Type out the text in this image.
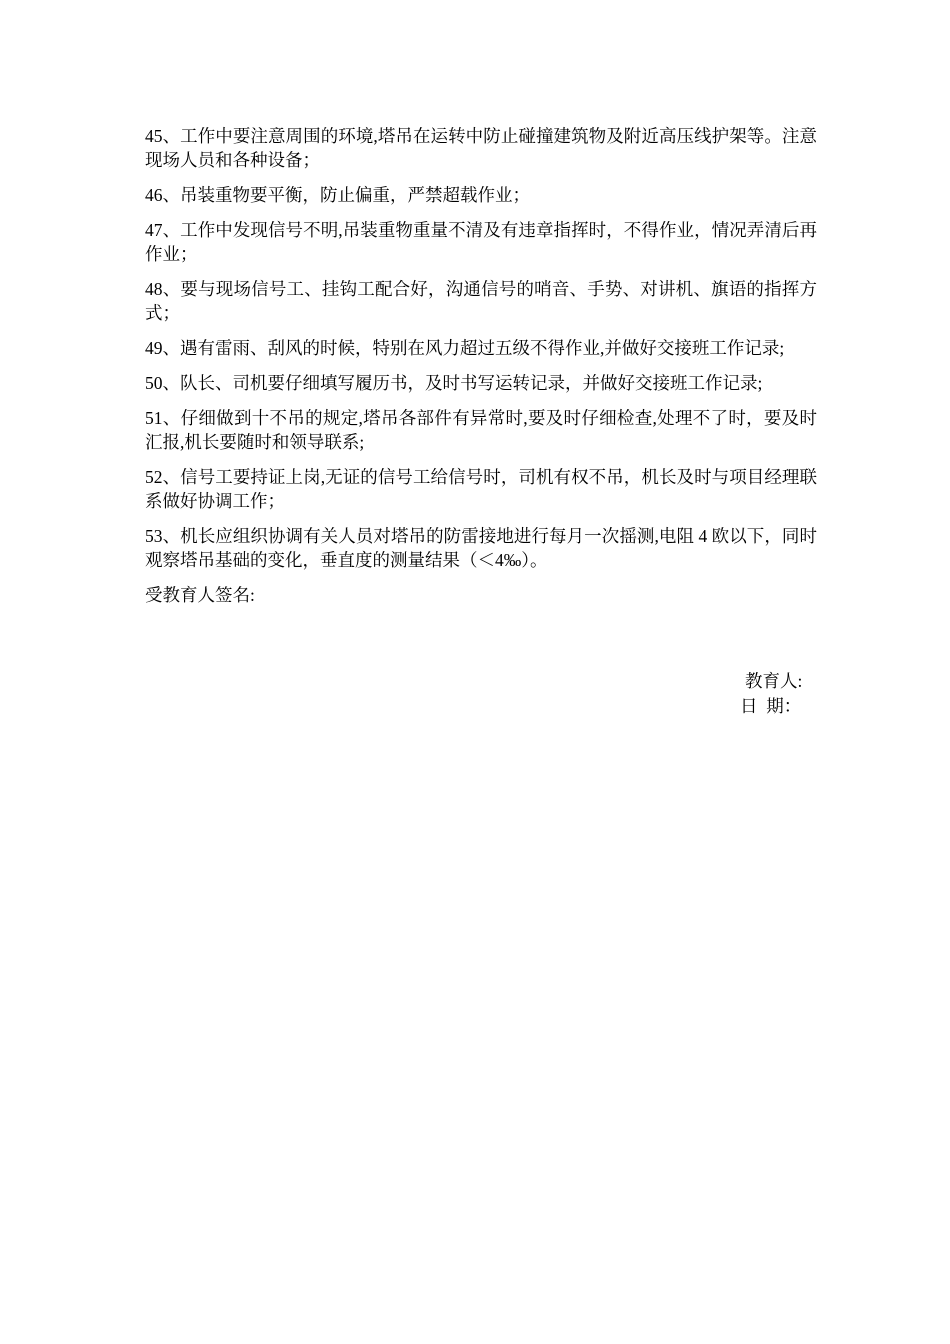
45、工作中要注意周围的环境,塔吊在运转中防止碰撞建筑物及附近高压线护架等。注意现场人员和各种设备；

46、吊装重物要平衡，防止偏重，严禁超载作业；

47、工作中发现信号不明,吊装重物重量不清及有违章指挥时，不得作业，情况弄清后再作业；

48、要与现场信号工、挂钩工配合好，沟通信号的哨音、手势、对讲机、旗语的指挥方式；

49、遇有雷雨、刮风的时候，特别在风力超过五级不得作业,并做好交接班工作记录;

50、队长、司机要仔细填写履历书，及时书写运转记录，并做好交接班工作记录;

51、仔细做到十不吊的规定,塔吊各部件有异常时,要及时仔细检查,处理不了时，要及时汇报,机长要随时和领导联系;

52、信号工要持证上岗,无证的信号工给信号时，司机有权不吊，机长及时与项目经理联系做好协调工作；

53、机长应组织协调有关人员对塔吊的防雷接地进行每月一次摇测,电阻 4 欧以下，同时观察塔吊基础的变化，垂直度的测量结果（＜4‰）。

受教育人签名:

教育人:
日  期：
